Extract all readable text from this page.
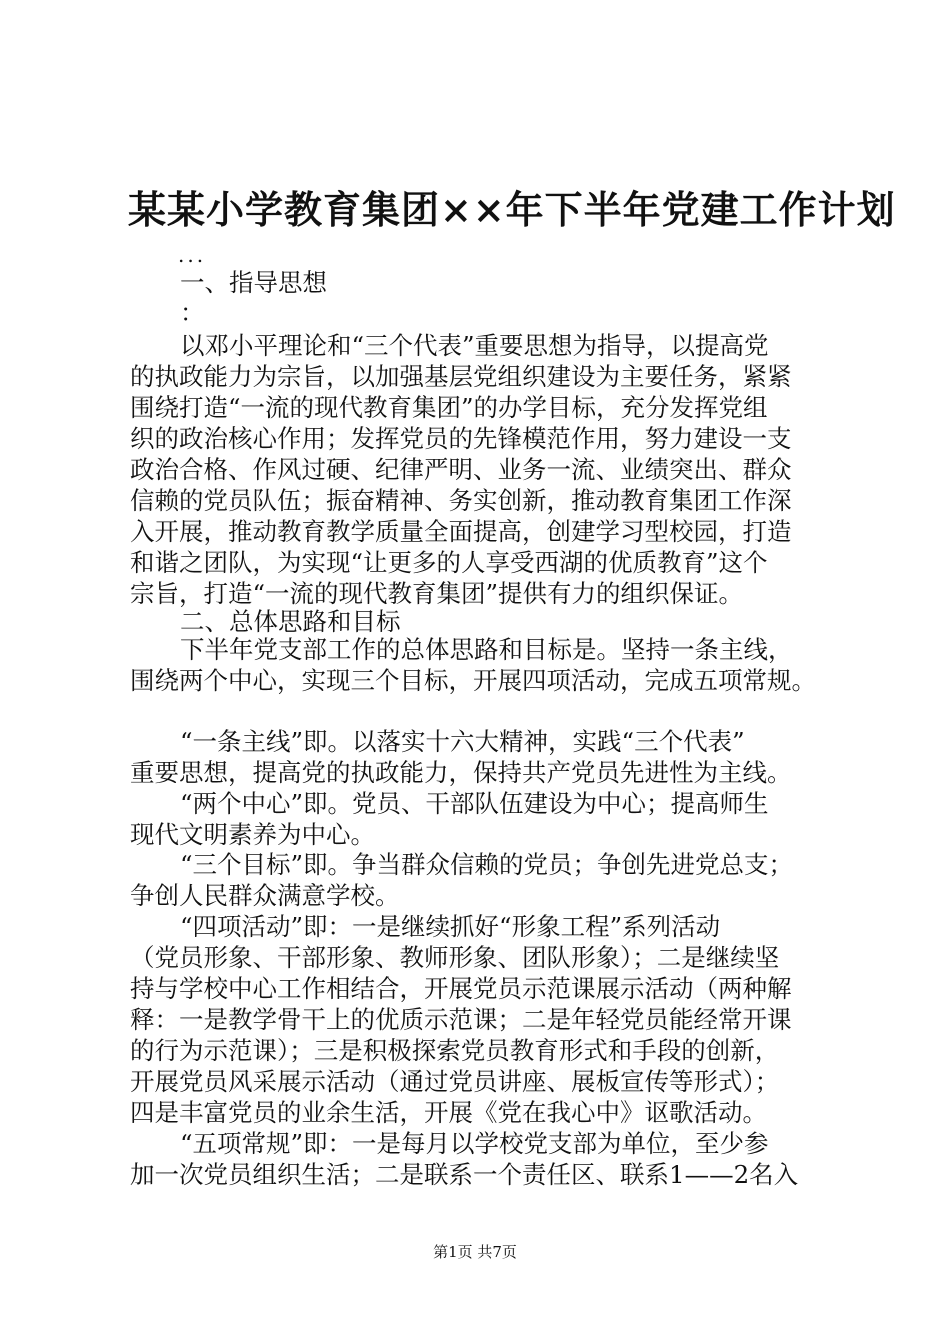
某某小学教育集团××年下半年党建工作计划
...
一、指导思想
：
以邓小平理论和“三个代表”重要思想为指导，以提高党
的执政能力为宗旨，以加强基层党组织建设为主要任务，紧紧
围绕打造“一流的现代教育集团”的办学目标，充分发挥党组
织的政治核心作用；发挥党员的先锋模范作用，努力建设一支
政治合格、作风过硬、纪律严明、业务一流、业绩突出、群众
信赖的党员队伍；振奋精神、务实创新，推动教育集团工作深
入开展，推动教育教学质量全面提高，创建学习型校园，打造
和谐之团队，为实现“让更多的人享受西湖的优质教育”这个
宗旨，打造“一流的现代教育集团”提供有力的组织保证。
二、总体思路和目标
下半年党支部工作的总体思路和目标是。坚持一条主线，
围绕两个中心，实现三个目标，开展四项活动，完成五项常规。
“一条主线”即。以落实十六大精神，实践“三个代表”
重要思想，提高党的执政能力，保持共产党员先进性为主线。
“两个中心”即。党员、干部队伍建设为中心；提高师生
现代文明素养为中心。
“三个目标”即。争当群众信赖的党员；争创先进党总支；
争创人民群众满意学校。
“四项活动”即：一是继续抓好“形象工程”系列活动
（党员形象、干部形象、教师形象、团队形象）；二是继续坚
持与学校中心工作相结合，开展党员示范课展示活动（两种解
释：一是教学骨干上的优质示范课；二是年轻党员能经常开课
的行为示范课）；三是积极探索党员教育形式和手段的创新，
开展党员风采展示活动（通过党员讲座、展板宣传等形式）；
四是丰富党员的业余生活，开展《党在我心中》讴歌活动。
“五项常规”即：一是每月以学校党支部为单位，至少参
加一次党员组织生活；二是联系一个责任区、联系1——2名入
第1页 共7页
